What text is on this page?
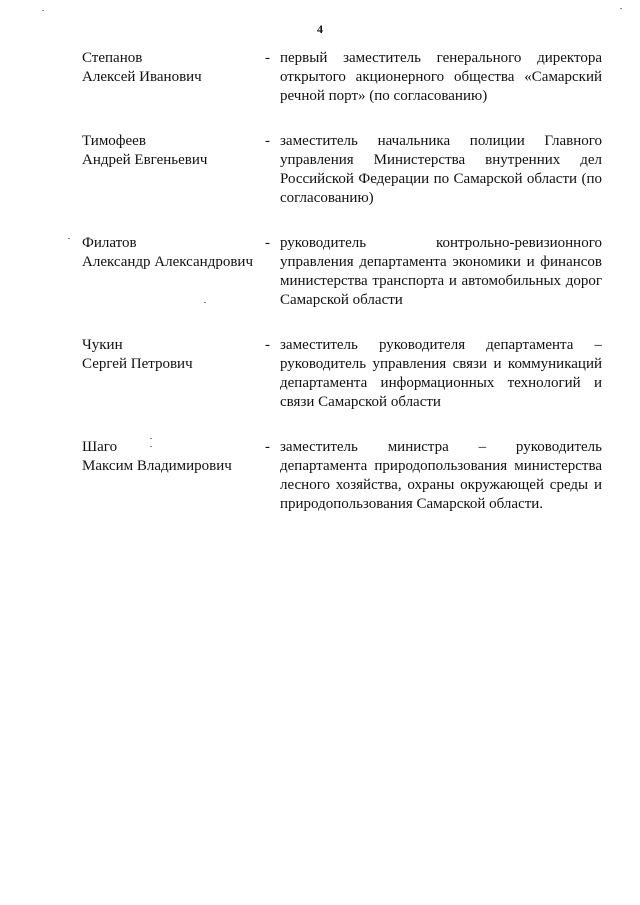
4
Степанов
Алексей Иванович
- первый заместитель генерального директора открытого акционерного общества «Самарский речной порт» (по согласованию)
Тимофеев
Андрей Евгеньевич
- заместитель начальника полиции Главного управления Министерства внутренних дел Российской Федерации по Самарской области (по согласованию)
Филатов
Александр Александрович
- руководитель контрольно-ревизионного управления департамента экономики и финансов министерства транспорта и автомобильных дорог Самарской области
Чукин
Сергей Петрович
- заместитель руководителя департамента – руководитель управления связи и коммуникаций департамента информационных технологий и связи Самарской области
Шаго
Максим Владимирович
- заместитель министра – руководитель департамента природопользования министерства лесного хозяйства, охраны окружающей среды и природопользования Самарской области.
